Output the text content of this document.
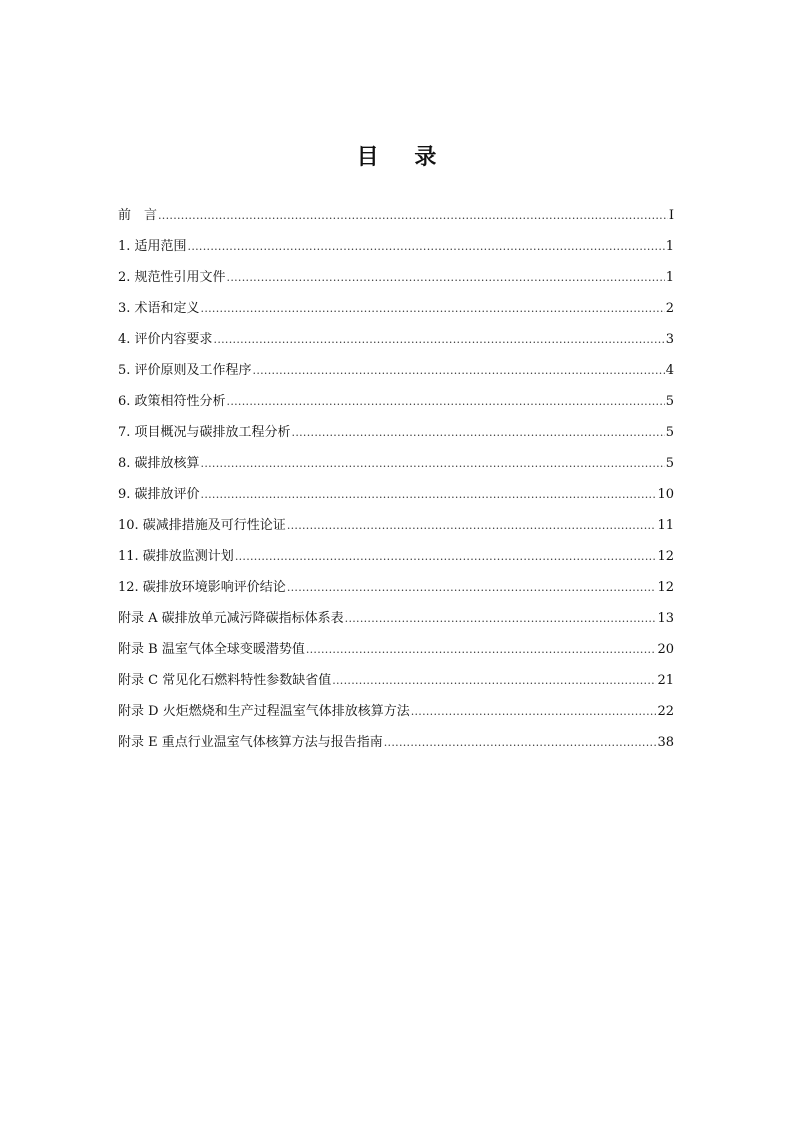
目 录
前　言 .....	I
1. 适用范围 .....	1
2. 规范性引用文件 .....	1
3. 术语和定义 .....	2
4. 评价内容要求 .....	3
5. 评价原则及工作程序 .....	4
6. 政策相符性分析 .....	5
7. 项目概况与碳排放工程分析 .....	5
8. 碳排放核算 .....	5
9. 碳排放评价 .....	10
10. 碳减排措施及可行性论证 .....	11
11. 碳排放监测计划 .....	12
12. 碳排放环境影响评价结论 .....	12
附录 A 碳排放单元减污降碳指标体系表 .....	13
附录 B 温室气体全球变暖潜势值 .....	20
附录 C 常见化石燃料特性参数缺省值 .....	21
附录 D 火炬燃烧和生产过程温室气体排放核算方法 .....	22
附录 E 重点行业温室气体核算方法与报告指南 .....	38
